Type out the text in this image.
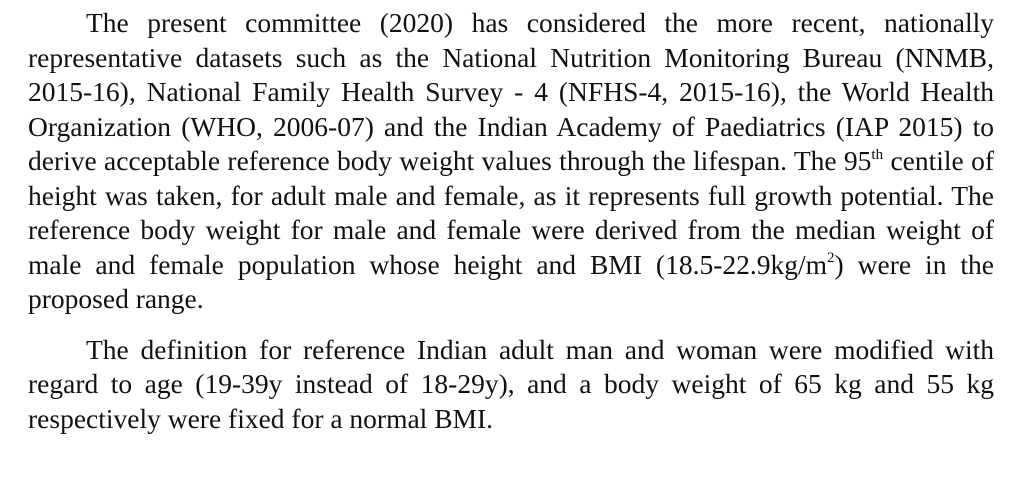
The present committee (2020) has considered the more recent, nationally representative datasets such as the National Nutrition Monitoring Bureau (NNMB, 2015-16), National Family Health Survey - 4 (NFHS-4, 2015-16), the World Health Organization (WHO, 2006-07) and the Indian Academy of Paediatrics (IAP 2015) to derive acceptable reference body weight values through the lifespan. The 95th centile of height was taken, for adult male and female, as it represents full growth potential. The reference body weight for male and female were derived from the median weight of male and female population whose height and BMI $(18.5-22.9kg/m^2)$ were in the proposed range.

The definition for reference Indian adult man and woman were modified with regard to age (19-39y instead of 18-29y), and a body weight of 65 kg and 55 kg respectively were fixed for a normal BMI.
